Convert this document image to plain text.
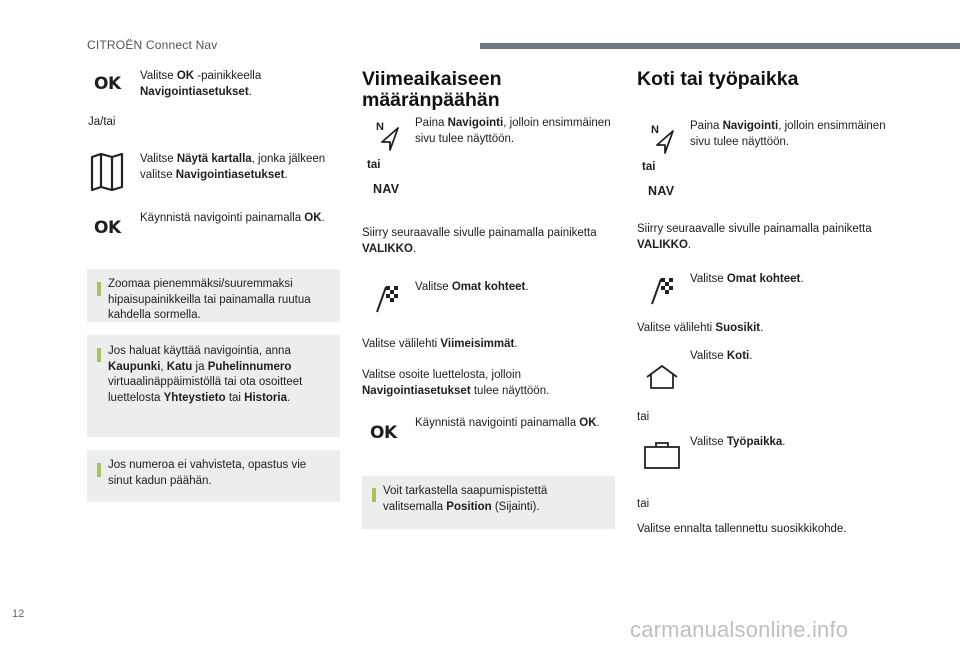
CITROËN Connect Nav
OK Valitse OK -painikkeella Navigointiasetukset.
Ja/tai
Valitse Näytä kartalla, jonka jälkeen valitse Navigointiasetukset.
OK Käynnistä navigointi painamalla OK.
Zoomaa pienemmäksi/suuremmaksi hipaisupainikkeilla tai painamalla ruutua kahdella sormella.
Jos haluat käyttää navigointia, anna Kaupunki, Katu ja Puhelinnumero virtuaalinäppäimistöllä tai ota osoitteet luettelosta Yhteystieto tai Historia.
Jos numeroa ei vahvisteta, opastus vie sinut kadun päähän.
Viimeaikaiseen määränpäähän
N
tai
NAV
Paina Navigointi, jolloin ensimmäinen sivu tulee näyttöön.
Siirry seuraavalle sivulle painamalla painiketta VALIKKO.
Valitse Omat kohteet.
Valitse välilehti Viimeisimmät.
Valitse osoite luettelosta, jolloin Navigointiasetukset tulee näyttöön.
OK Käynnistä navigointi painamalla OK.
Voit tarkastella saapumispistettä valitsemalla Position (Sijainti).
Koti tai työpaikka
N
tai
NAV
Paina Navigointi, jolloin ensimmäinen sivu tulee näyttöön.
Siirry seuraavalle sivulle painamalla painiketta VALIKKO.
Valitse Omat kohteet.
Valitse välilehti Suosikit.
Valitse Koti.
tai
Valitse Työpaikka.
tai
Valitse ennalta tallennettu suosikkikohde.
12
carmanualsonline.info
